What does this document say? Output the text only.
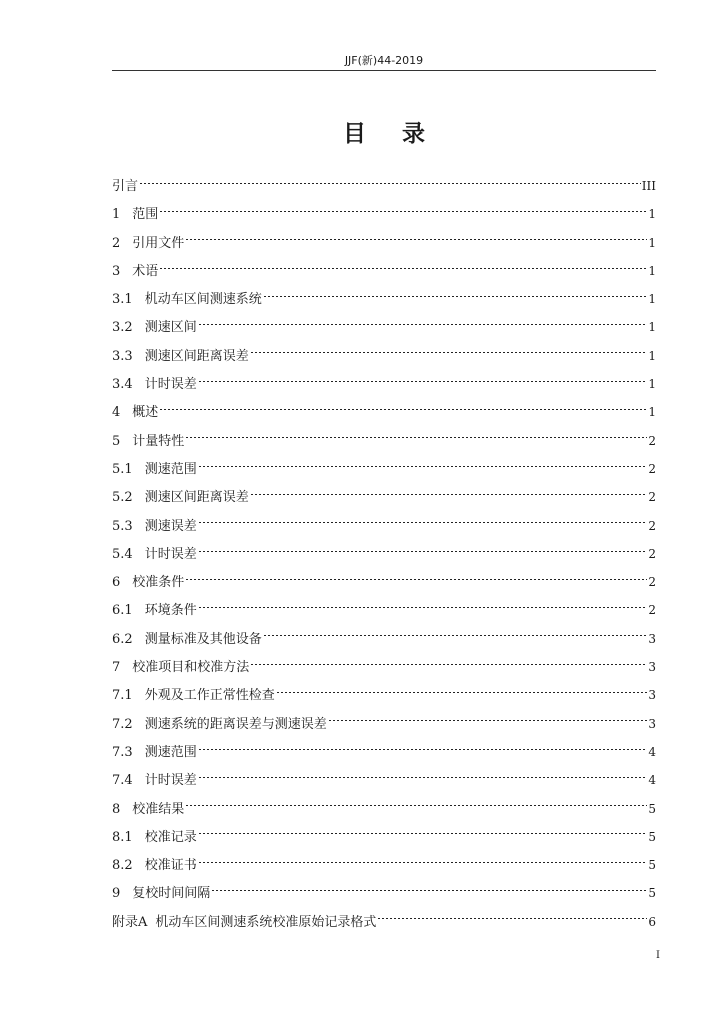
JJF(新)44-2019
目录
引言	III
1 范围	1
2 引用文件	1
3 术语	1
3.1 机动车区间测速系统	1
3.2 测速区间	1
3.3 测速区间距离误差	1
3.4 计时误差	1
4 概述	1
5 计量特性	2
5.1 测速范围	2
5.2 测速区间距离误差	2
5.3 测速误差	2
5.4 计时误差	2
6 校准条件	2
6.1 环境条件	2
6.2 测量标准及其他设备	3
7 校准项目和校准方法	3
7.1 外观及工作正常性检查	3
7.2 测速系统的距离误差与测速误差	3
7.3 测速范围	4
7.4 计时误差	4
8 校准结果	5
8.1 校准记录	5
8.2 校准证书	5
9 复校时间间隔	5
附录A 机动车区间测速系统校准原始记录格式	6
I
